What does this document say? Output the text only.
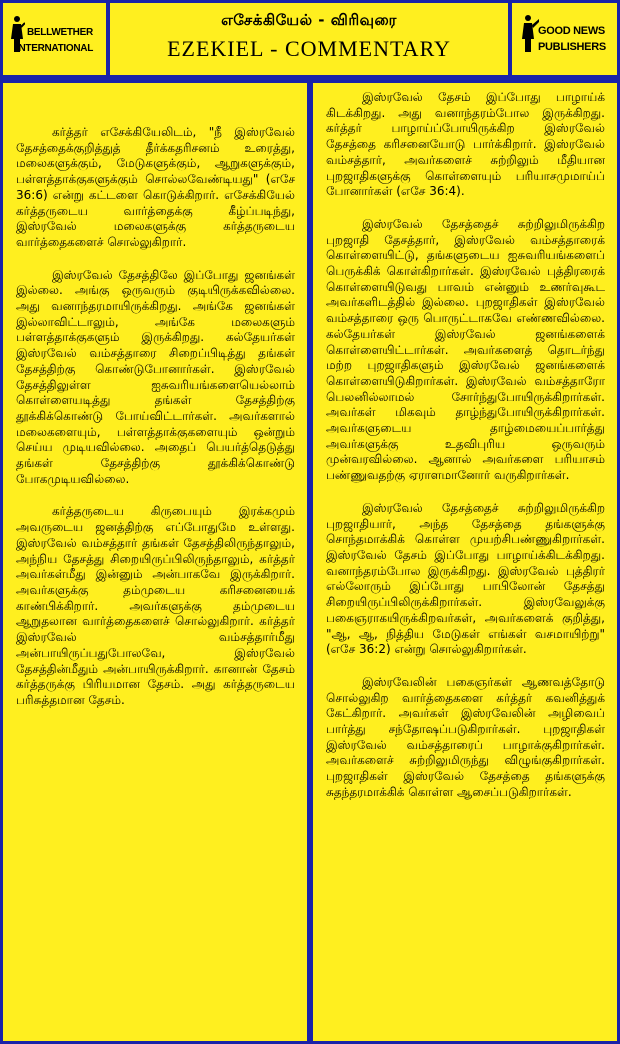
BELLWETHER
INTERNATIONAL
எசேக்கியேல் - விரிவுரை
EZEKIEL - COMMENTARY
GOOD NEWS
PUBLISHERS

கர்த்தர் எசேக்கியேலிடம், "நீ இஸ்ரவேல் தேசத்தைக்குறித்துத் தீர்க்கதரிசனம் உரைத்து, மலைகளுக்கும், மேடுகளுக்கும், ஆறுகளுக்கும், பள்ளத்தாக்குகளுக்கும் சொல்லவேண்டியது" (எசே 36:6) என்று கட்டளை கொடுக்கிறார். எசேக்கியேல் கர்த்தருடைய வார்த்தைக்கு கீழ்ப்படிந்து, இஸ்ரவேல் மலைகளுக்கு கர்த்தருடைய வார்த்தைகளைச் சொல்லுகிறார்.

இஸ்ரவேல் தேசத்திலே இப்போது ஜனங்கள் இல்லை. அங்கு ஒருவரும் குடியிருக்கவில்லை. அது வனாந்தரமாயிருக்கிறது. அங்கே ஜனங்கள் இல்லாவிட்டாலும், அங்கே மலைகளும் பள்ளத்தாக்குகளும் இருக்கிறது. கல்தேயர்கள் இஸ்ரவேல் வம்சத்தாரை சிறைப்பிடித்து தங்கள் தேசத்திற்கு கொண்டுபோனார்கள். இஸ்ரவேல் தேசத்திலுள்ள ஐசுவரியங்களையெல்லாம் கொள்ளையடித்து தங்கள் தேசத்திற்கு தூக்கிக்கொண்டு போய்விட்டார்கள். அவர்களால் மலைகளையும், பள்ளத்தாக்குகளையும் ஒன்றும் செய்ய முடியவில்லை. அதைப் பெயர்த்தெடுத்து தங்கள் தேசத்திற்கு தூக்கிக்கொண்டு போகமுடியவில்லை.

கர்த்தருடைய கிருபையும் இரக்கமும் அவருடைய ஜனத்திற்கு எப்போதுமே உள்ளது. இஸ்ரவேல் வம்சத்தார் தங்கள் தேசத்திலிருந்தாலும், அந்நிய தேசத்து சிறையிருப்பிலிருந்தாலும், கர்த்தர் அவர்கள்மீது இன்னும் அன்பாகவே இருக்கிறார். அவர்களுக்கு தம்முடைய கரிசனையைக் காண்பிக்கிறார். அவர்களுக்கு தம்முடைய ஆறுதலான வார்த்தைகளைச் சொல்லுகிறார். கர்த்தர் இஸ்ரவேல் வம்சத்தார்மீது அன்பாயிருப்பதுபோலவே, இஸ்ரவேல் தேசத்தின்மீதும் அன்பாயிருக்கிறார். கானான் தேசம் கர்த்தருக்கு பிரியமான தேசம். அது கர்த்தருடைய பரிசுத்தமான தேசம்.

இஸ்ரவேல் தேசம் இப்போது பாழாய்க் கிடக்கிறது. அது வனாந்தரம்போல இருக்கிறது. கர்த்தர் பாழாய்ப்போயிருக்கிற இஸ்ரவேல் தேசத்தை கரிசனையோடு பார்க்கிறார். இஸ்ரவேல் வம்சத்தார், அவர்களைச் சுற்றிலும் மீதியான புறஜாதிகளுக்கு கொள்ளையும் பரியாசமுமாய்ப் போனார்கள் (எசே 36:4).

இஸ்ரவேல் தேசத்தைச் சுற்றிலுமிருக்கிற புறஜாதி தேசத்தார், இஸ்ரவேல் வம்சத்தாரைக் கொள்ளையிட்டு, தங்களுடைய ஐசுவரியங்களைப் பெருக்கிக் கொள்கிறார்கள். இஸ்ரவேல் புத்திரரைக் கொள்ளையிடுவது பாவம் என்னும் உணர்வுகூட அவர்களிடத்தில் இல்லை. புறஜாதிகள் இஸ்ரவேல் வம்சத்தாரை ஒரு பொருட்டாகவே எண்ணவில்லை. கல்தேயர்கள் இஸ்ரவேல் ஜனங்களைக் கொள்ளையிட்டார்கள். அவர்களைத் தொடர்ந்து மற்ற புறஜாதிகளும் இஸ்ரவேல் ஜனங்களைக் கொள்ளையிடுகிறார்கள். இஸ்ரவேல் வம்சத்தாரோ பெலனில்லாமல் சோர்ந்துபோயிருக்கிறார்கள். அவர்கள் மிகவும் தாழ்ந்துபோயிருக்கிறார்கள். அவர்களுடைய தாழ்மையைப்பார்த்து அவர்களுக்கு உதவிபுரிய ஒருவரும் முன்வரவில்லை. ஆனால் அவர்களை பரியாசம் பண்ணுவதற்கு ஏராளமானோர் வருகிறார்கள்.

இஸ்ரவேல் தேசத்தைச் சுற்றிலுமிருக்கிற புறஜாதியார், அந்த தேசத்தை தங்களுக்கு சொந்தமாக்கிக் கொள்ள முயற்சிபண்ணுகிறார்கள். இஸ்ரவேல் தேசம் இப்போது பாழாய்க்கிடக்கிறது. வனாந்தரம்போல இருக்கிறது. இஸ்ரவேல் புத்திரர் எல்லோரும் இப்போது பாபிலோன் தேசத்து சிறையிருப்பிலிருக்கிறார்கள். இஸ்ரவேலுக்கு பகைஞராகயிருக்கிறவர்கள், அவர்களைக் குறித்து, "ஆ, ஆ, நித்திய மேடுகள் எங்கள் வசமாயிற்று" (எசே 36:2) என்று சொல்லுகிறார்கள்.

இஸ்ரவேலின் பகைஞர்கள் ஆணவத்தோடு சொல்லுகிற வார்த்தைகளை கர்த்தர் கவனித்துக் கேட்கிறார். அவர்கள் இஸ்ரவேலின் அழிவைப் பார்த்து சந்தோஷப்படுகிறார்கள். புறஜாதிகள் இஸ்ரவேல் வம்சத்தாரைப் பாழாக்குகிறார்கள். அவர்களைச் சுற்றிலுமிருந்து விழுங்குகிறார்கள். புறஜாதிகள் இஸ்ரவேல் தேசத்தை தங்களுக்கு சுதந்தரமாக்கிக் கொள்ள ஆசைப்படுகிறார்கள்.
